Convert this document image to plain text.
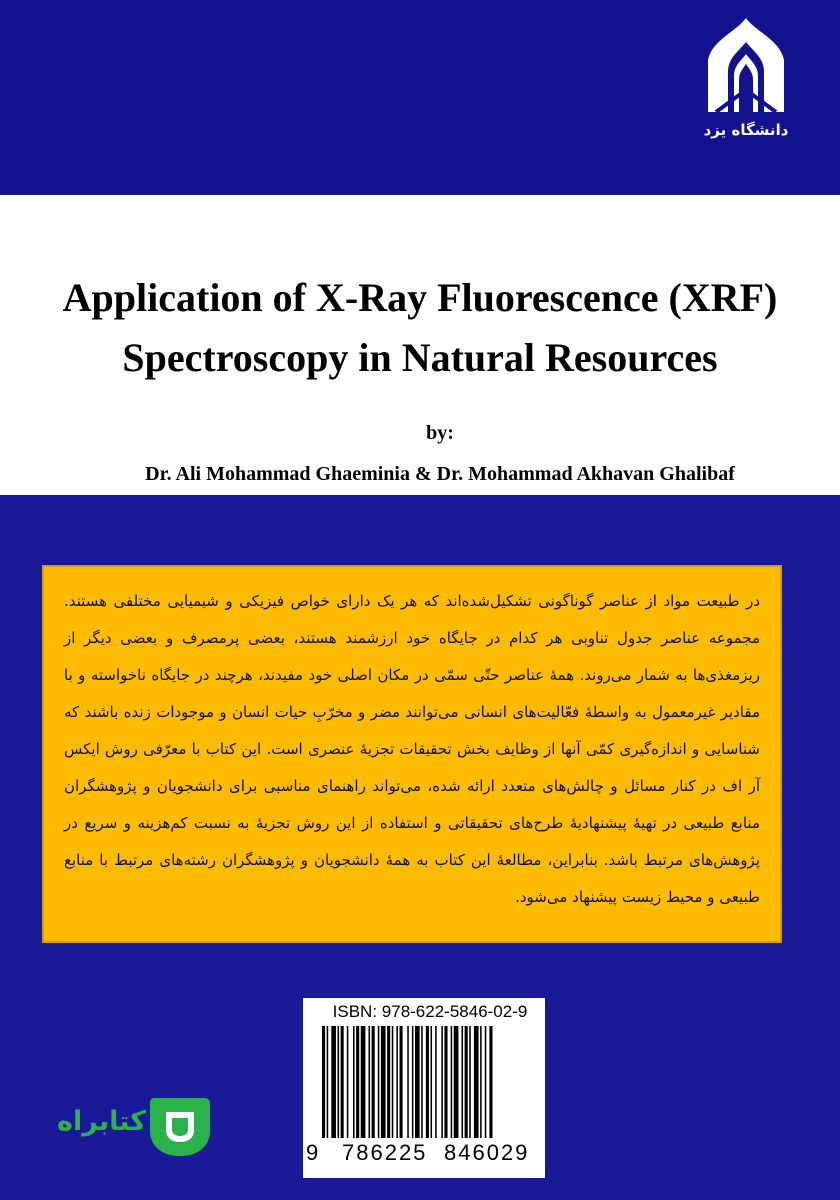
دانشگاه یزد
Application of X-Ray Fluorescence (XRF)
Spectroscopy in Natural Resources
by:
Dr. Ali Mohammad Ghaeminia & Dr. Mohammad Akhavan Ghalibaf

در طبیعت مواد از عناصر گوناگونی تشکیل‌شده‌اند که هر یک دارای خواص فیزیکی و شیمیایی مختلفی هستند. مجموعه عناصر جدول تناوبی هر کدام در جایگاه خود ارزشمند هستند، بعضی پرمصرف و بعضی دیگر از ریزمغذی‌ها به شمار می‌روند. همهٔ عناصر حتّی سمّی در مکان اصلی خود مفیدند، هرچند در جایگاه ناخواسته و با مقادیر غیرمعمول به واسطهٔ فعّالیت‌های انسانی می‌توانند مضر و مخرّبِ حیات انسان و موجودات زنده باشند که شناسایی و اندازه‌گیری کمّی آنها از وظایف بخش تحقیقات تجزیهٔ عنصری است. این کتاب با معرّفی روش ایکس آر اف در کنار مسائل و چالش‌های متعدد ارائه شده، می‌تواند راهنمای مناسبی برای دانشجویان و پژوهشگران منابع طبیعی در تهیهٔ پیشنهادیهٔ طرح‌های تحقیقاتی و استفاده از این روش تجزیهٔ به نسبت کم‌هزینه و سریع در پژوهش‌های مرتبط باشد. بنابراین، مطالعهٔ این کتاب به همهٔ دانشجویان و پژوهشگران رشته‌های مرتبط با منابع طبیعی و محیط زیست پیشنهاد می‌شود.

ISBN: 978-622-5846-02-9
9 786225 846029
کتابراه
